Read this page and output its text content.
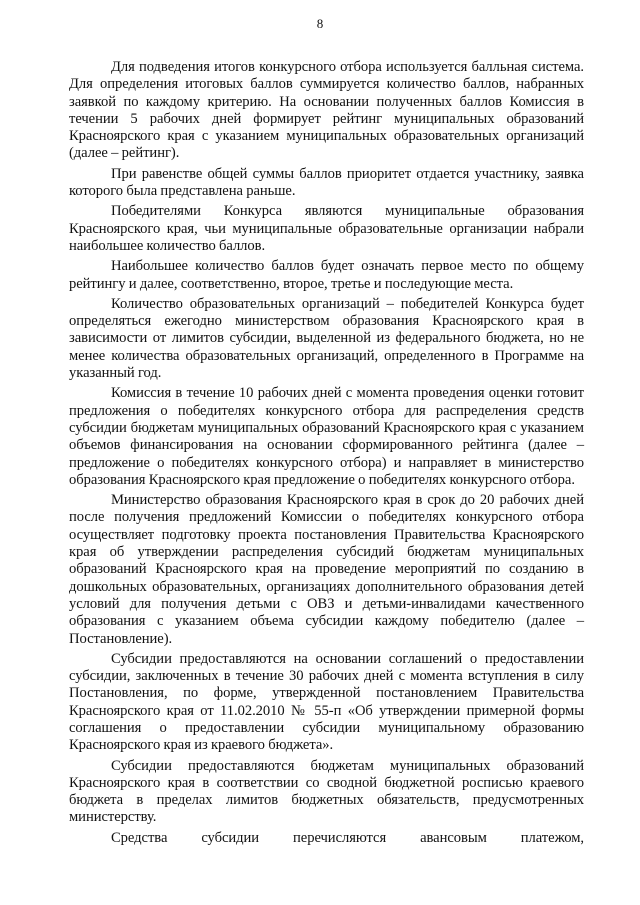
8

Для подведения итогов конкурсного отбора используется балльная система. Для определения итоговых баллов суммируется количество баллов, набранных заявкой по каждому критерию. На основании полученных баллов Комиссия в течении 5 рабочих дней формирует рейтинг муниципальных образований Красноярского края с указанием муниципальных образовательных организаций (далее – рейтинг).

При равенстве общей суммы баллов приоритет отдается участнику, заявка которого была представлена раньше.

Победителями Конкурса являются муниципальные образования Красноярского края, чьи муниципальные образовательные организации набрали наибольшее количество баллов.

Наибольшее количество баллов будет означать первое место по общему рейтингу и далее, соответственно, второе, третье и последующие места.

Количество образовательных организаций – победителей Конкурса будет определяться ежегодно министерством образования Красноярского края в зависимости от лимитов субсидии, выделенной из федерального бюджета, но не менее количества образовательных организаций, определенного в Программе на указанный год.

Комиссия в течение 10 рабочих дней с момента проведения оценки готовит предложения о победителях конкурсного отбора для распределения средств субсидии бюджетам муниципальных образований Красноярского края с указанием объемов финансирования на основании сформированного рейтинга (далее – предложение о победителях конкурсного отбора) и направляет в министерство образования Красноярского края предложение о победителях конкурсного отбора.

Министерство образования Красноярского края в срок до 20 рабочих дней после получения предложений Комиссии о победителях конкурсного отбора осуществляет подготовку проекта постановления Правительства Красноярского края об утверждении распределения субсидий бюджетам муниципальных образований Красноярского края на проведение мероприятий по созданию в дошкольных образовательных, организациях дополнительного образования детей условий для получения детьми с ОВЗ и детьми-инвалидами качественного образования с указанием объема субсидии каждому победителю (далее – Постановление).

Субсидии предоставляются на основании соглашений о предоставлении субсидии, заключенных в течение 30 рабочих дней с момента вступления в силу Постановления, по форме, утвержденной постановлением Правительства Красноярского края от 11.02.2010 № 55-п «Об утверждении примерной формы соглашения о предоставлении субсидии муниципальному образованию Красноярского края из краевого бюджета».

Субсидии предоставляются бюджетам муниципальных образований Красноярского края в соответствии со сводной бюджетной росписью краевого бюджета в пределах лимитов бюджетных обязательств, предусмотренных министерству.

Средства субсидии перечисляются авансовым платежом,
